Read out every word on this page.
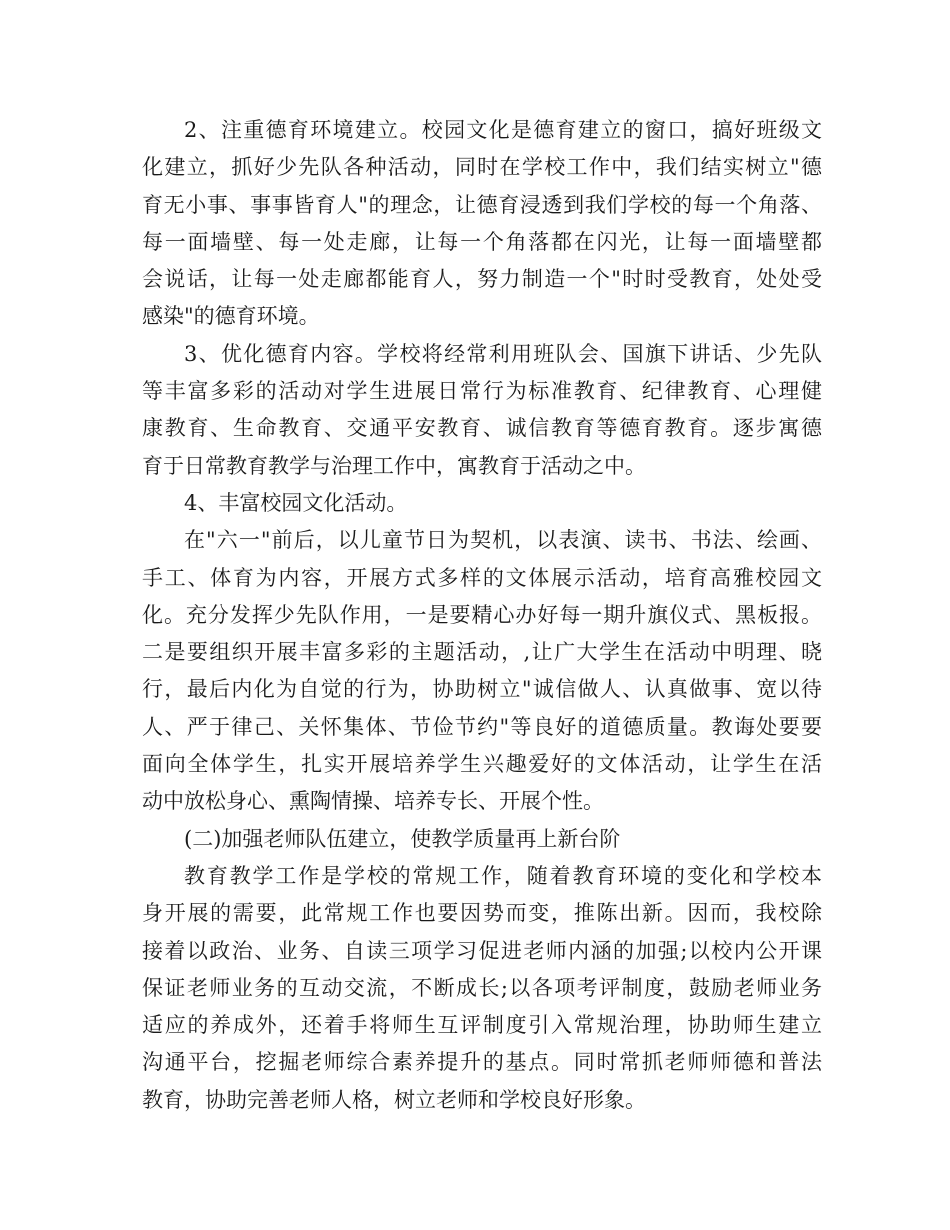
2、注重德育环境建立。校园文化是德育建立的窗口，搞好班级文
化建立，抓好少先队各种活动，同时在学校工作中，我们结实树立"德
育无小事、事事皆育人"的理念，让德育浸透到我们学校的每一个角落、
每一面墙壁、每一处走廊，让每一个角落都在闪光，让每一面墙壁都
会说话，让每一处走廊都能育人，努力制造一个"时时受教育，处处受
感染"的德育环境。
3、优化德育内容。学校将经常利用班队会、国旗下讲话、少先队
等丰富多彩的活动对学生进展日常行为标准教育、纪律教育、心理健
康教育、生命教育、交通平安教育、诚信教育等德育教育。逐步寓德
育于日常教育教学与治理工作中，寓教育于活动之中。
4、丰富校园文化活动。
在"六一"前后，以儿童节日为契机，以表演、读书、书法、绘画、
手工、体育为内容，开展方式多样的文体展示活动，培育高雅校园文
化。充分发挥少先队作用，一是要精心办好每一期升旗仪式、黑板报。
二是要组织开展丰富多彩的主题活动，,让广大学生在活动中明理、晓
行，最后内化为自觉的行为，协助树立"诚信做人、认真做事、宽以待
人、严于律己、关怀集体、节俭节约"等良好的道德质量。教诲处要要
面向全体学生，扎实开展培养学生兴趣爱好的文体活动，让学生在活
动中放松身心、熏陶情操、培养专长、开展个性。
(二)加强老师队伍建立，使教学质量再上新台阶
教育教学工作是学校的常规工作，随着教育环境的变化和学校本
身开展的需要，此常规工作也要因势而变，推陈出新。因而，我校除
接着以政治、业务、自读三项学习促进老师内涵的加强;以校内公开课
保证老师业务的互动交流，不断成长;以各项考评制度，鼓励老师业务
适应的养成外，还着手将师生互评制度引入常规治理，协助师生建立
沟通平台，挖掘老师综合素养提升的基点。同时常抓老师师德和普法
教育，协助完善老师人格，树立老师和学校良好形象。
